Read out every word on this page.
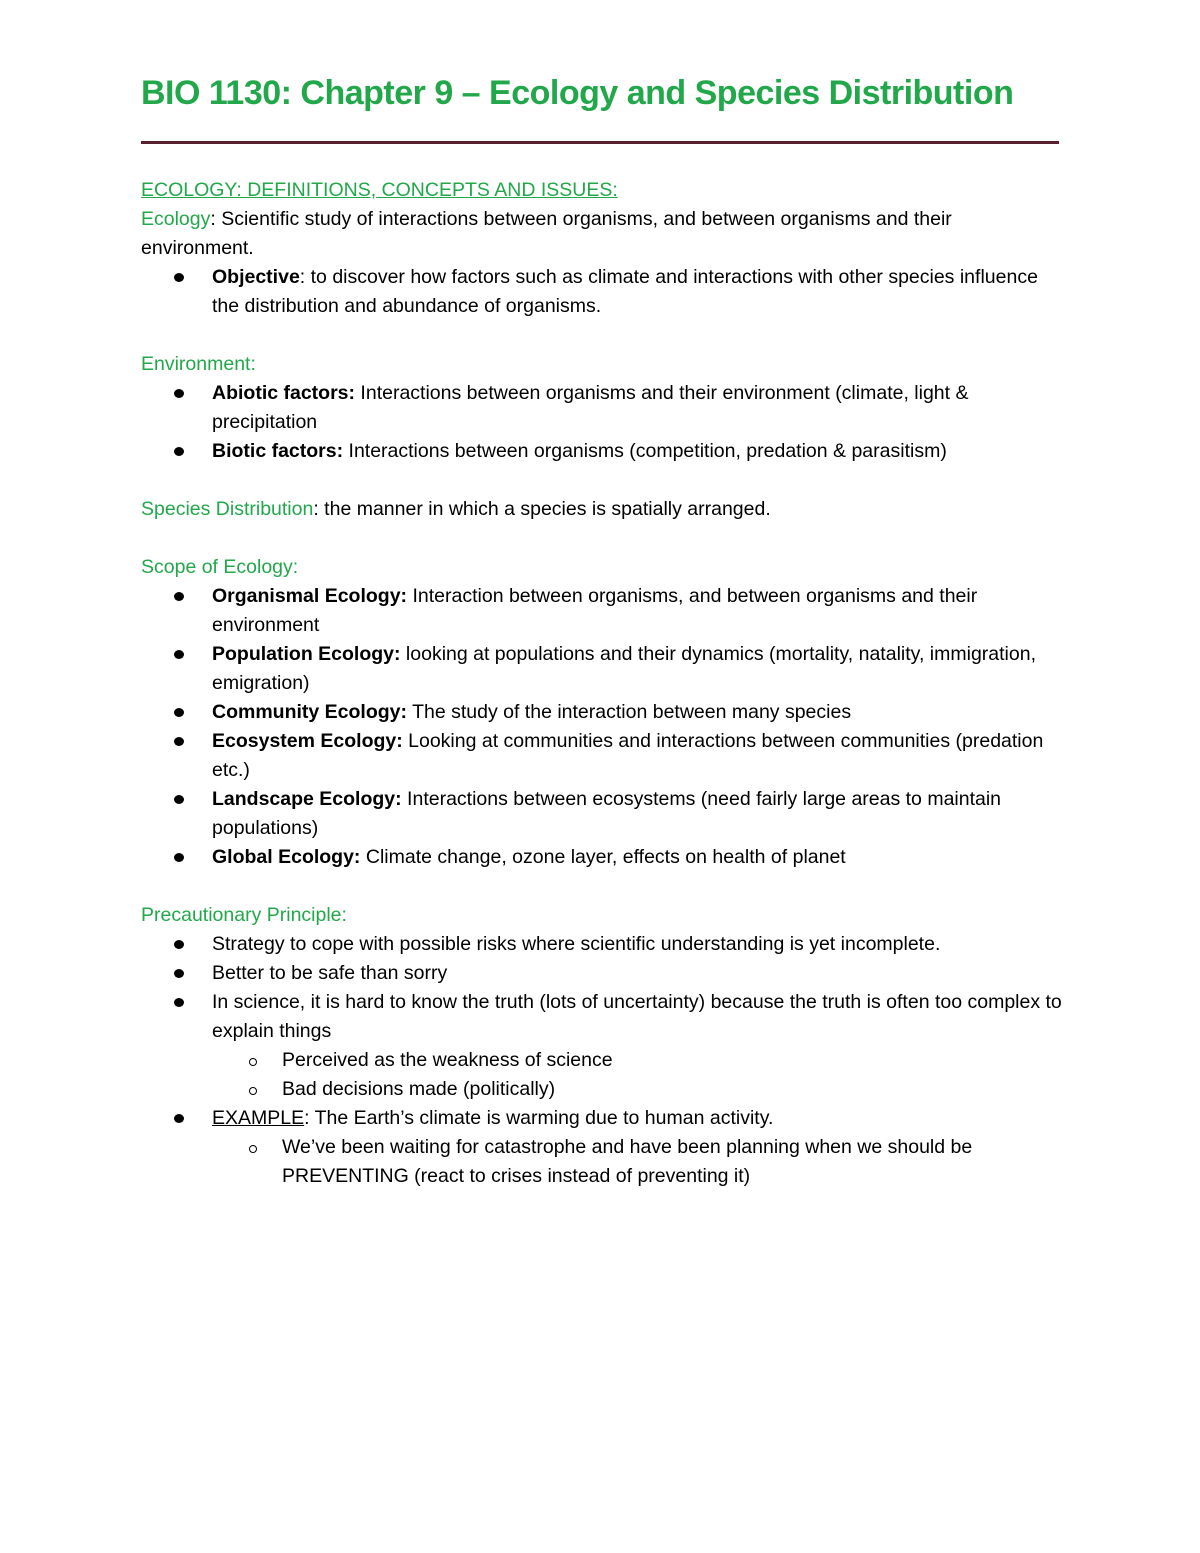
BIO 1130: Chapter 9 – Ecology and Species Distribution

ECOLOGY: DEFINITIONS, CONCEPTS AND ISSUES:

Ecology: Scientific study of interactions between organisms, and between organisms and their environment.

Objective: to discover how factors such as climate and interactions with other species influence the distribution and abundance of organisms.

Environment:

Abiotic factors: Interactions between organisms and their environment (climate, light & precipitation
Biotic factors: Interactions between organisms (competition, predation & parasitism)

Species Distribution: the manner in which a species is spatially arranged.

Scope of Ecology:

Organismal Ecology: Interaction between organisms, and between organisms and their environment
Population Ecology: looking at populations and their dynamics (mortality, natality, immigration, emigration)
Community Ecology: The study of the interaction between many species
Ecosystem Ecology: Looking at communities and interactions between communities (predation etc.)
Landscape Ecology: Interactions between ecosystems (need fairly large areas to maintain populations)
Global Ecology: Climate change, ozone layer, effects on health of planet

Precautionary Principle:

Strategy to cope with possible risks where scientific understanding is yet incomplete.
Better to be safe than sorry
In science, it is hard to know the truth (lots of uncertainty) because the truth is often too complex to explain things
Perceived as the weakness of science
Bad decisions made (politically)
EXAMPLE: The Earth’s climate is warming due to human activity.
We’ve been waiting for catastrophe and have been planning when we should be PREVENTING (react to crises instead of preventing it)
